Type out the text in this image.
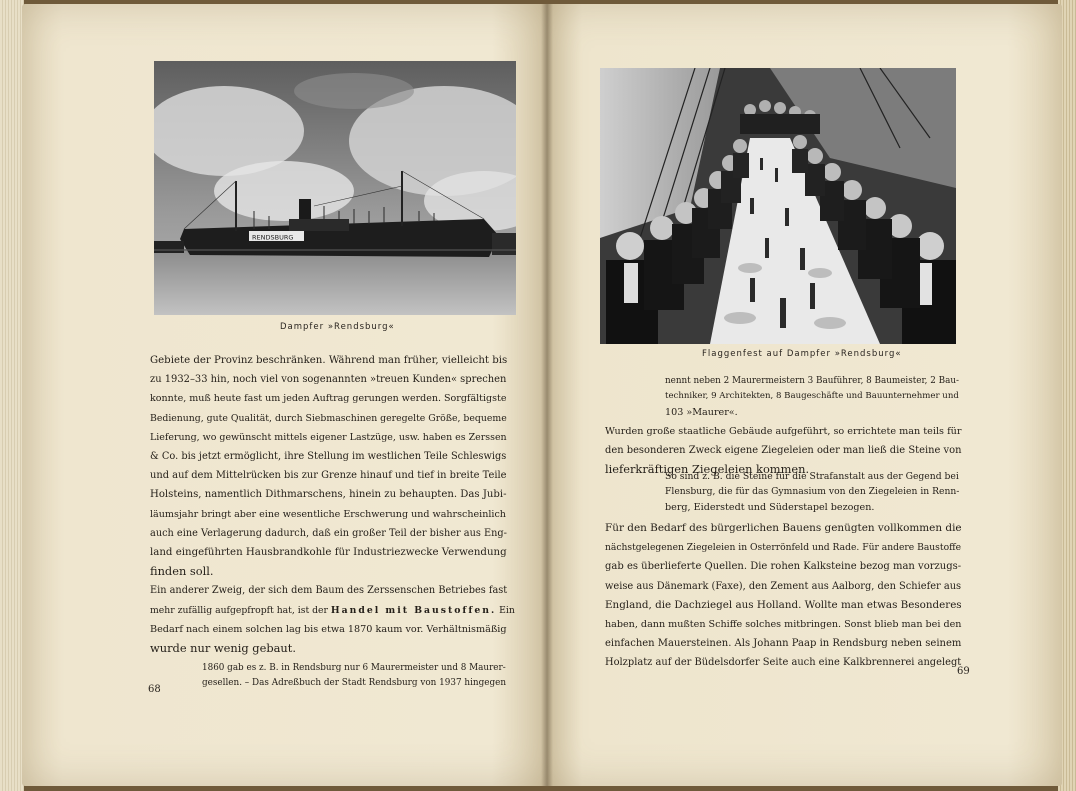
RENDSBURG
Dampfer »Rendsburg«
Gebiete der Provinz beschränken. Während man früher, vielleicht bis
zu 1932–33 hin, noch viel von sogenannten »treuen Kunden« sprechen
konnte, muß heute fast um jeden Auftrag gerungen werden. Sorgfältigste
Bedienung, gute Qualität, durch Siebmaschinen geregelte Größe, bequeme
Lieferung, wo gewünscht mittels eigener Lastzüge, usw. haben es Zerssen
& Co. bis jetzt ermöglicht, ihre Stellung im westlichen Teile Schleswigs
und auf dem Mittelrücken bis zur Grenze hinauf und tief in breite Teile
Holsteins, namentlich Dithmarschens, hinein zu behaupten. Das Jubi-
läumsjahr bringt aber eine wesentliche Erschwerung und wahrscheinlich
auch eine Verlagerung dadurch, daß ein großer Teil der bisher aus Eng-
land eingeführten Hausbrandkohle für Industriezwecke Verwendung
finden soll.
Ein anderer Zweig, der sich dem Baum des Zerssenschen Betriebes fast
mehr zufällig aufgepfropft hat, ist der Handel mit Baustoffen. Ein
Bedarf nach einem solchen lag bis etwa 1870 kaum vor. Verhältnismäßig
wurde nur wenig gebaut.
1860 gab es z. B. in Rendsburg nur 6 Maurermeister und 8 Maurer-
gesellen. – Das Adreßbuch der Stadt Rendsburg von 1937 hingegen
68
Flaggenfest auf Dampfer »Rendsburg«
nennt neben 2 Maurermeistern 3 Bauführer, 8 Baumeister, 2 Bau-
techniker, 9 Architekten, 8 Baugeschäfte und Bauunternehmer und
103 »Maurer«.
Wurden große staatliche Gebäude aufgeführt, so errichtete man teils für
den besonderen Zweck eigene Ziegeleien oder man ließ die Steine von
lieferkräftigen Ziegeleien kommen.
So sind z. B. die Steine für die Strafanstalt aus der Gegend bei
Flensburg, die für das Gymnasium von den Ziegeleien in Renn-
berg, Eiderstedt und Süderstapel bezogen.
Für den Bedarf des bürgerlichen Bauens genügten vollkommen die
nächstgelegenen Ziegeleien in Osterrönfeld und Rade. Für andere Baustoffe
gab es überlieferte Quellen. Die rohen Kalksteine bezog man vorzugs-
weise aus Dänemark (Faxe), den Zement aus Aalborg, den Schiefer aus
England, die Dachziegel aus Holland. Wollte man etwas Besonderes
haben, dann mußten Schiffe solches mitbringen. Sonst blieb man bei den
einfachen Mauersteinen. Als Johann Paap in Rendsburg neben seinem
Holzplatz auf der Büdelsdorfer Seite auch eine Kalkbrennerei angelegt
69
